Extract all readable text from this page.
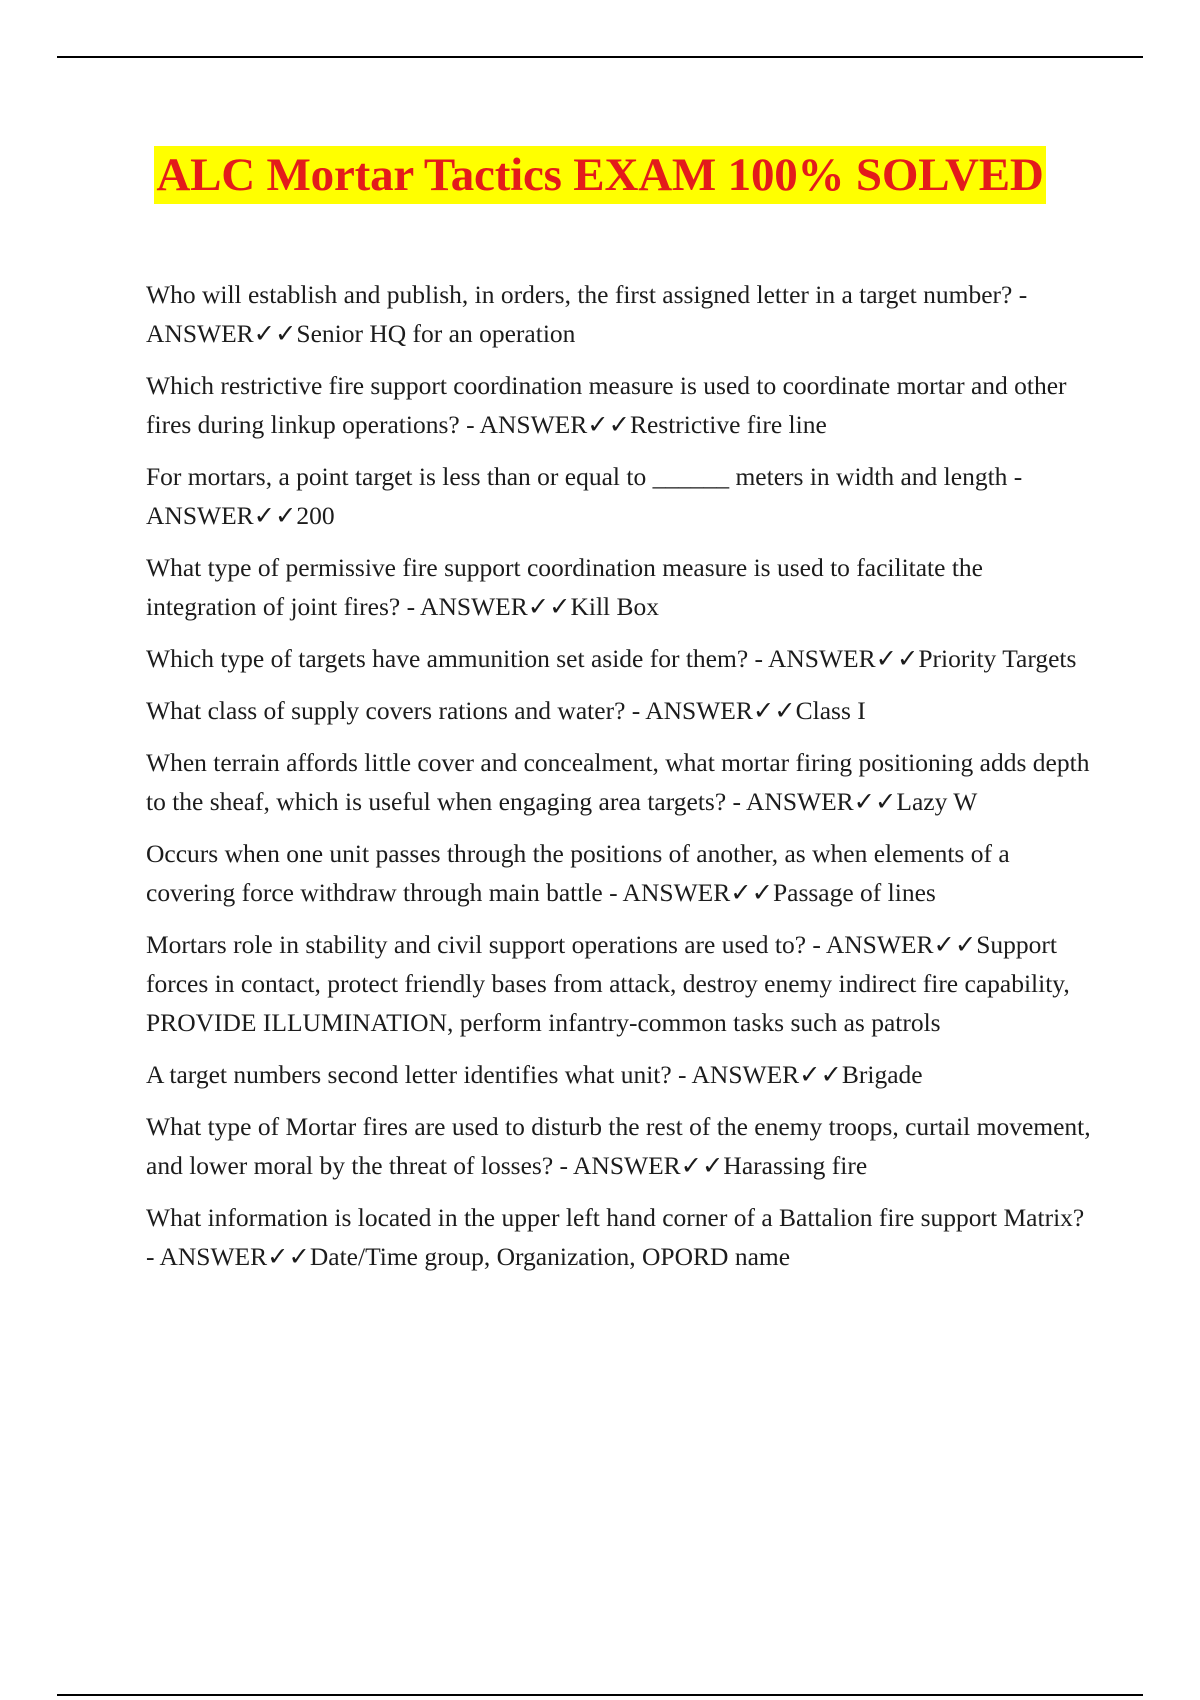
ALC Mortar Tactics EXAM 100% SOLVED
Who will establish and publish, in orders, the first assigned letter in a target number? - ANSWER✓✓Senior HQ for an operation
Which restrictive fire support coordination measure is used to coordinate mortar and other fires during linkup operations? - ANSWER✓✓Restrictive fire line
For mortars, a point target is less than or equal to ______ meters in width and length - ANSWER✓✓200
What type of permissive fire support coordination measure is used to facilitate the integration of joint fires? - ANSWER✓✓Kill Box
Which type of targets have ammunition set aside for them? - ANSWER✓✓Priority Targets
What class of supply covers rations and water? - ANSWER✓✓Class I
When terrain affords little cover and concealment, what mortar firing positioning adds depth to the sheaf, which is useful when engaging area targets? - ANSWER✓✓Lazy W
Occurs when one unit passes through the positions of another, as when elements of a covering force withdraw through main battle - ANSWER✓✓Passage of lines
Mortars role in stability and civil support operations are used to? - ANSWER✓✓Support forces in contact, protect friendly bases from attack, destroy enemy indirect fire capability, PROVIDE ILLUMINATION, perform infantry-common tasks such as patrols
A target numbers second letter identifies what unit? - ANSWER✓✓Brigade
What type of Mortar fires are used to disturb the rest of the enemy troops, curtail movement, and lower moral by the threat of losses? - ANSWER✓✓Harassing fire
What information is located in the upper left hand corner of a Battalion fire support Matrix? - ANSWER✓✓Date/Time group, Organization, OPORD name
